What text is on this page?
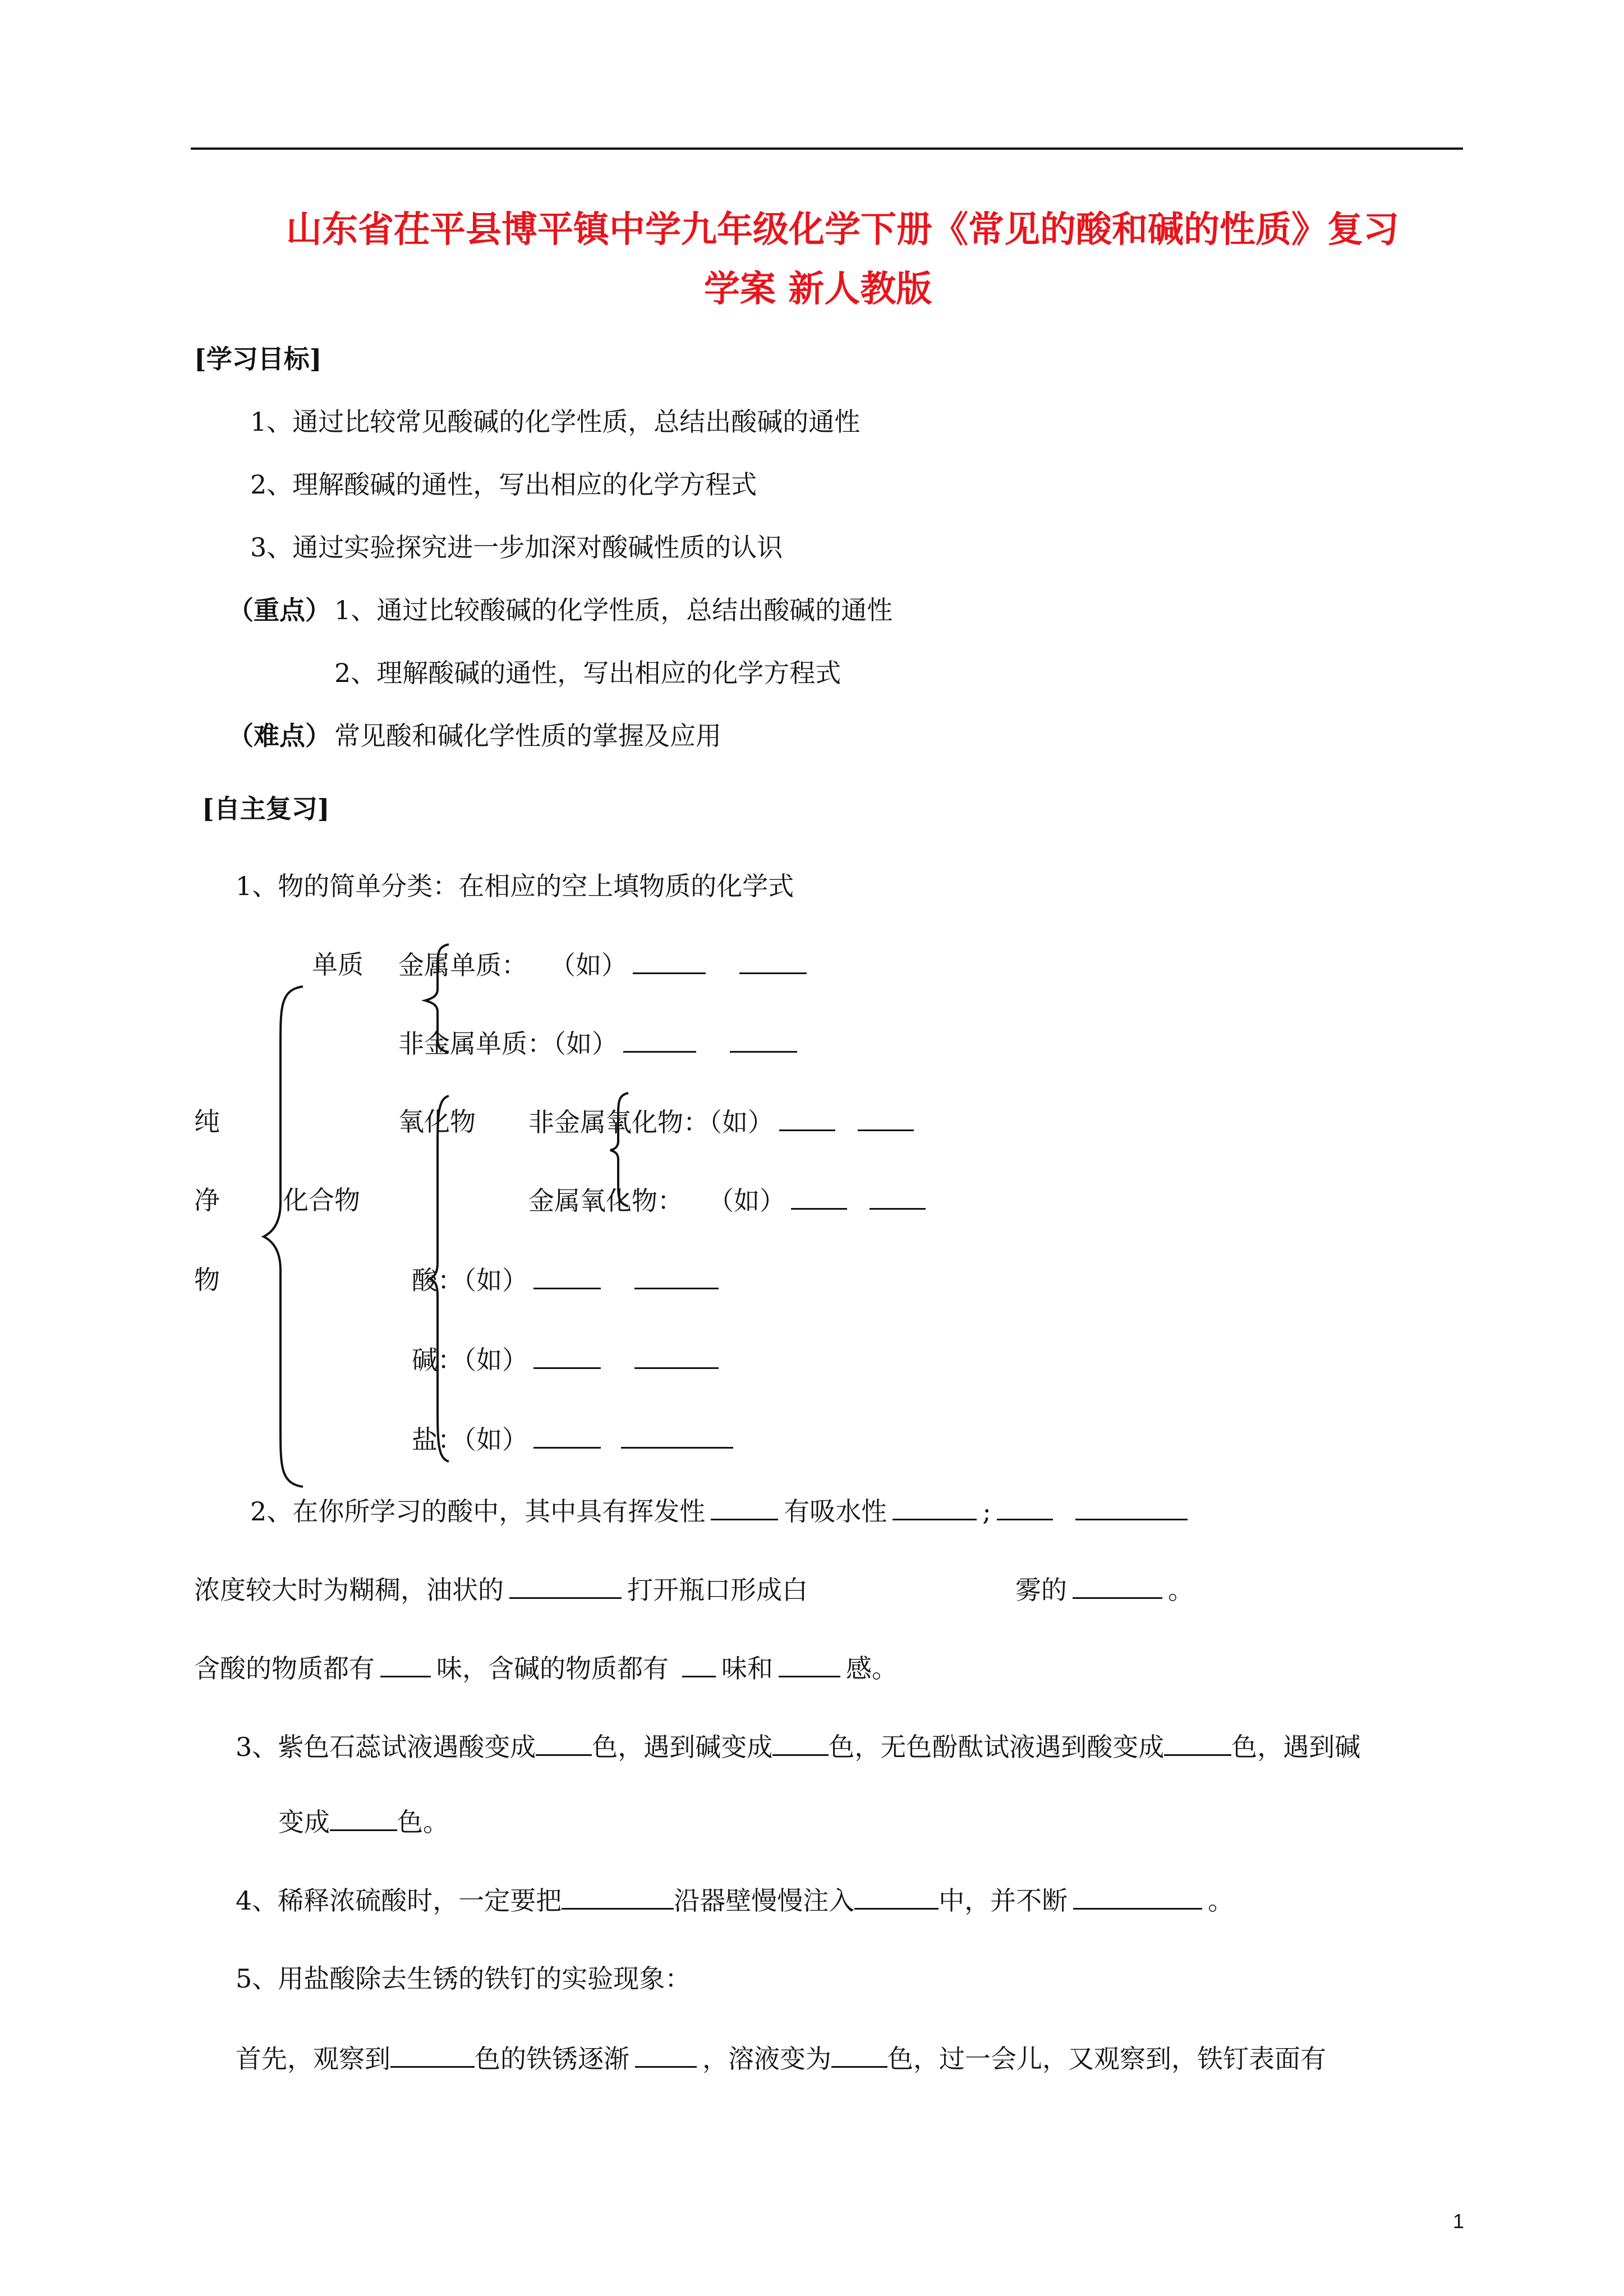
山东省茌平县博平镇中学九年级化学下册《常见的酸和碱的性质》复习
学案 新人教版
[学习目标]
1、通过比较常见酸碱的化学性质，总结出酸碱的通性
2、理解酸碱的通性，写出相应的化学方程式
3、通过实验探究进一步加深对酸碱性质的认识
（重点） 1、通过比较酸碱的化学性质，总结出酸碱的通性
2、理解酸碱的通性，写出相应的化学方程式
（难点） 常见酸和碱化学性质的掌握及应用
[自主复习]
1、物的简单分类：在相应的空上填物质的化学式
单质 金属单质： （如）
非金属单质：（如）
纯	氧化物 非金属氧化物：（如）
净 化合物	金属氧化物： （如）
物	酸：（如）
碱：（如）
盐：（如）
2、在你所学习的酸中，其中具有挥发性	有吸水性	;
浓度较大时为糊稠，油状的	打开瓶口形成白	雾的	。
含酸的物质都有 味，含碱的物质都有 味和	感。
3、紫色石蕊试液遇酸变成 色，遇到碱变成 色，无色酚酞试液遇到酸变成	色，遇到碱
变成	色。
4、稀释浓硫酸时，一定要把	沿器壁慢慢注入	中，并不断	。
5、用盐酸除去生锈的铁钉的实验现象：
首先，观察到	色的铁锈逐渐	，溶液变为 色，过一会儿，又观察到，铁钉表面有
1
